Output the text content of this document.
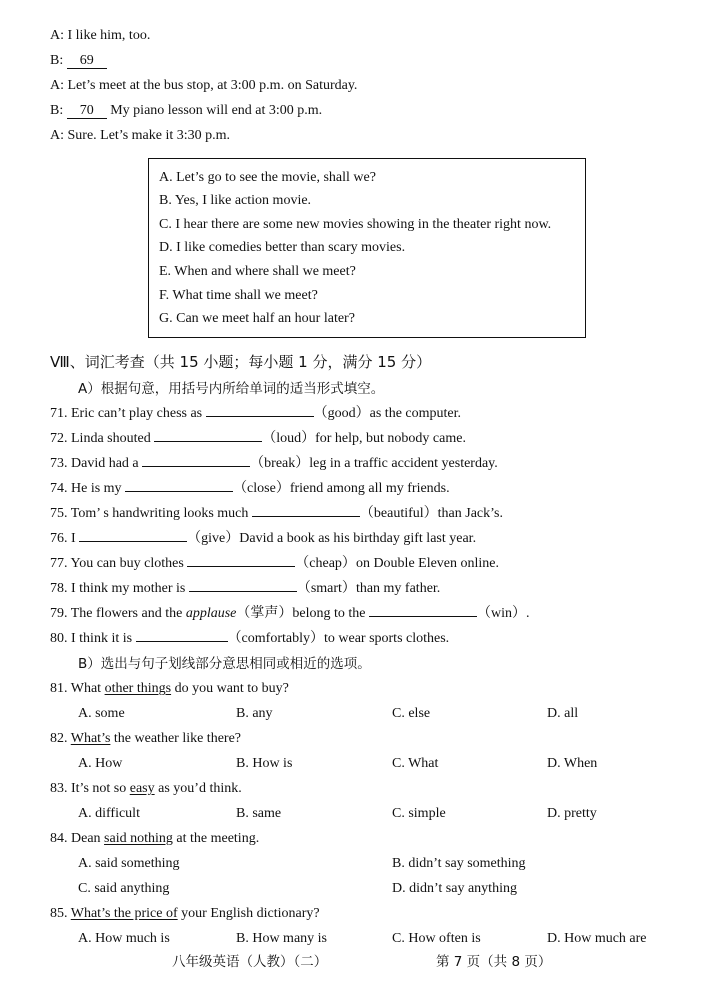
A: I like him, too.
B: 69
A: Let’s meet at the bus stop, at 3:00 p.m. on Saturday.
B: 70 My piano lesson will end at 3:00 p.m.
A: Sure. Let’s make it 3:30 p.m.
A. Let’s go to see the movie, shall we?
B. Yes, I like action movie.
C. I hear there are some new movies showing in the theater right now.
D. I like comedies better than scary movies.
E. When and where shall we meet?
F. What time shall we meet?
G. Can we meet half an hour later?
Ⅷ、词汇考查（共 15 小题；每小题 1 分，满分 15 分）
A）根据句意，用括号内所给单词的适当形式填空。
71. Eric can’t play chess as	（good）as the computer.
72. Linda shouted	（loud）for help, but nobody came.
73. David had a	（break）leg in a traffic accident yesterday.
74. He is my	（close）friend among all my friends.
75. Tom’ s handwriting looks much	（beautiful）than Jack’s.
76. I	（give）David a book as his birthday gift last year.
77. You can buy clothes	（cheap）on Double Eleven online.
78. I think my mother is	（smart）than my father.
79. The flowers and the applause（掌声）belong to the	（win）.
80. I think it is	（comfortably）to wear sports clothes.
B）选出与句子划线部分意思相同或相近的选项。
81. What other things do you want to buy?
A. some	B. any	C. else	D. all
82. What’s the weather like there?
A. How	B. How is	C. What	D. When
83. It’s not so easy as you’d think.
A. difficult	B. same	C. simple	D. pretty
84. Dean said nothing at the meeting.
A. said something	B. didn’t say something
C. said anything	D. didn’t say anything
85. What’s the price of your English dictionary?
A. How much is	B. How many is	C. How often is	D. How much are
八年级英语（人教）（二）	第 7 页（共 8 页）
